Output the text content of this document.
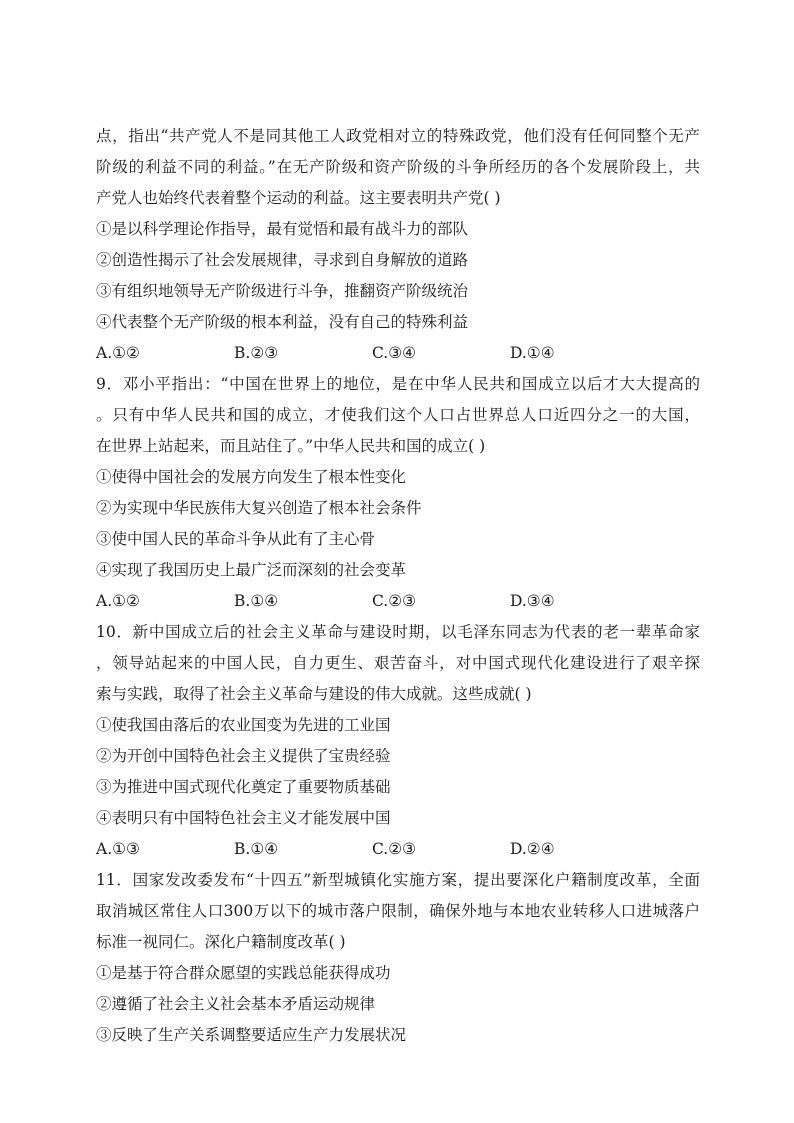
点，指出“共产党人不是同其他工人政党相对立的特殊政党，他们没有任何同整个无产
阶级的利益不同的利益。”在无产阶级和资产阶级的斗争所经历的各个发展阶段上，共
产党人也始终代表着整个运动的利益。这主要表明共产党( )
①是以科学理论作指导，最有觉悟和最有战斗力的部队
②创造性揭示了社会发展规律，寻求到自身解放的道路
③有组织地领导无产阶级进行斗争，推翻资产阶级统治
④代表整个无产阶级的根本利益，没有自己的特殊利益
A.①②	B.②③	C.③④	D.①④
9．邓小平指出：“中国在世界上的地位，是在中华人民共和国成立以后才大大提高的
。只有中华人民共和国的成立，才使我们这个人口占世界总人口近四分之一的大国，
在世界上站起来，而且站住了。”中华人民共和国的成立( )
①使得中国社会的发展方向发生了根本性变化
②为实现中华民族伟大复兴创造了根本社会条件
③使中国人民的革命斗争从此有了主心骨
④实现了我国历史上最广泛而深刻的社会变革
A.①②	B.①④	C.②③	D.③④
10．新中国成立后的社会主义革命与建设时期，以毛泽东同志为代表的老一辈革命家
，领导站起来的中国人民，自力更生、艰苦奋斗，对中国式现代化建设进行了艰辛探
索与实践，取得了社会主义革命与建设的伟大成就。这些成就( )
①使我国由落后的农业国变为先进的工业国
②为开创中国特色社会主义提供了宝贵经验
③为推进中国式现代化奠定了重要物质基础
④表明只有中国特色社会主义才能发展中国
A.①③	B.①④	C.②③	D.②④
11．国家发改委发布“十四五”新型城镇化实施方案，提出要深化户籍制度改革，全面
取消城区常住人口300万以下的城市落户限制，确保外地与本地农业转移人口进城落户
标准一视同仁。深化户籍制度改革( )
①是基于符合群众愿望的实践总能获得成功
②遵循了社会主义社会基本矛盾运动规律
③反映了生产关系调整要适应生产力发展状况
